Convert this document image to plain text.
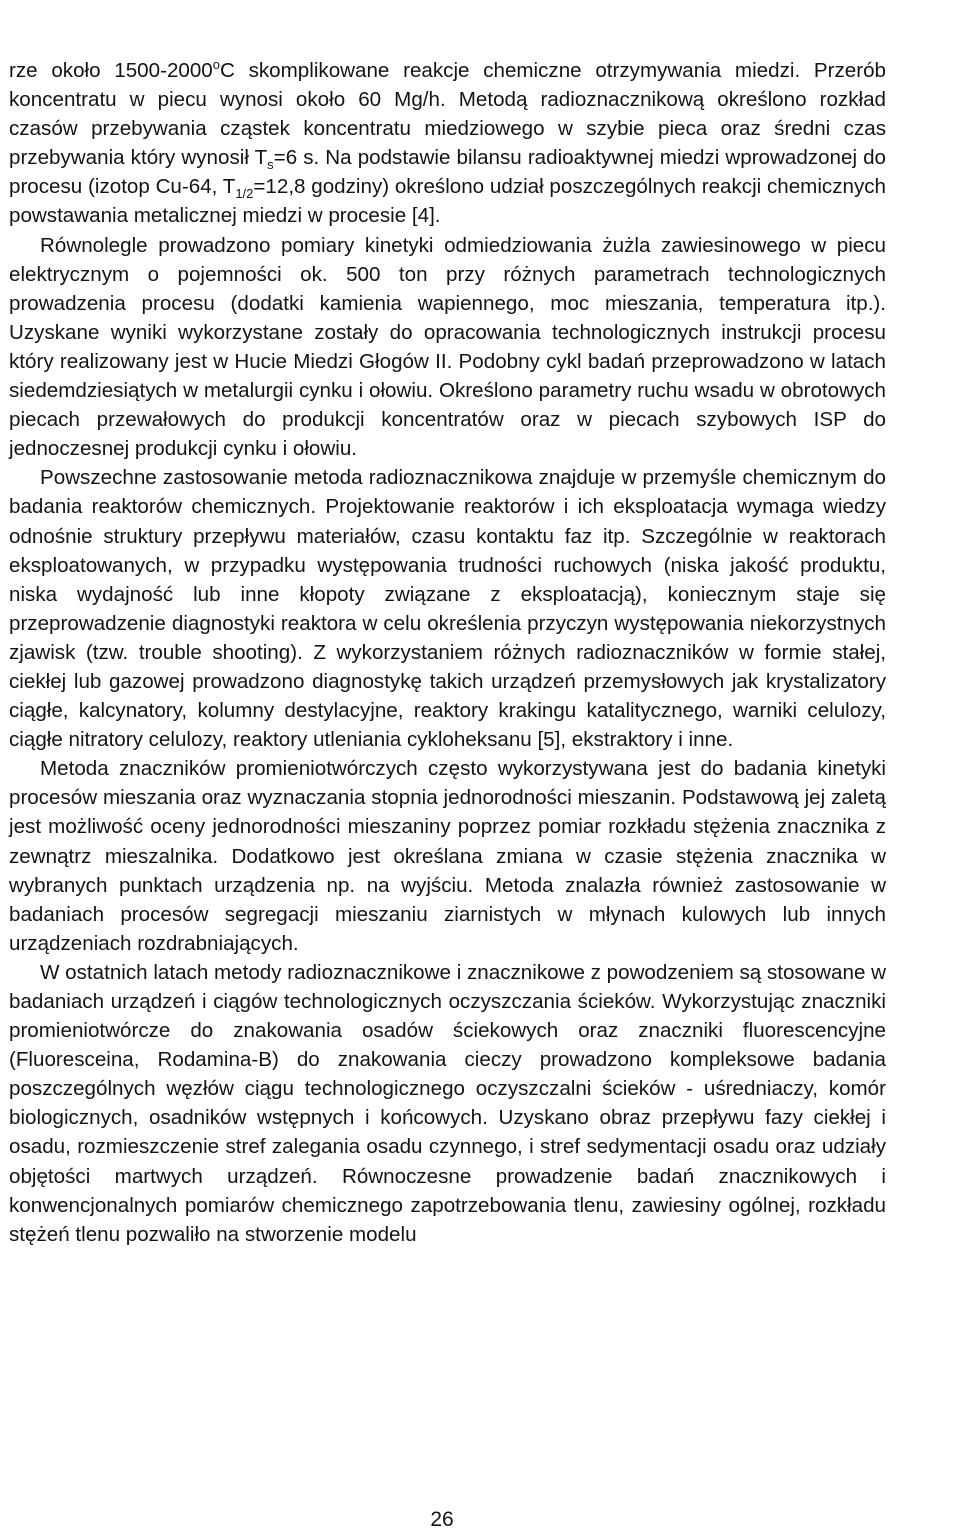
rze około 1500-2000$^o$C skomplikowane reakcje chemiczne otrzymywania miedzi. Przerób koncentratu w piecu wynosi około 60 Mg/h. Metodą radioznacznikową określono rozkład czasów przebywania cząstek koncentratu miedziowego w szybie pieca oraz średni czas przebywania który wynosił $T_s=6$ s. Na podstawie bilansu radioaktywnej miedzi wprowadzonej do procesu (izotop Cu-64, $T_{1/2}=12,8$ godziny) określono udział poszczególnych reakcji chemicznych powstawania metalicznej miedzi w procesie [4].

Równolegle prowadzono pomiary kinetyki odmiedziowania żużla zawiesinowego w piecu elektrycznym o pojemności ok. 500 ton przy różnych parametrach technologicznych prowadzenia procesu (dodatki kamienia wapiennego, moc mieszania, temperatura itp.). Uzyskane wyniki wykorzystane zostały do opracowania technologicznych instrukcji procesu który realizowany jest w Hucie Miedzi Głogów II. Podobny cykl badań przeprowadzono w latach siedemdziesiątych w metalurgii cynku i ołowiu. Określono parametry ruchu wsadu w obrotowych piecach przewałowych do produkcji koncentratów oraz w piecach szybowych ISP do jednoczesnej produkcji cynku i ołowiu.

Powszechne zastosowanie metoda radioznacznikowa znajduje w przemyśle chemicznym do badania reaktorów chemicznych. Projektowanie reaktorów i ich eksploatacja wymaga wiedzy odnośnie struktury przepływu materiałów, czasu kontaktu faz itp. Szczególnie w reaktorach eksploatowanych, w przypadku występowania trudności ruchowych (niska jakość produktu, niska wydajność lub inne kłopoty związane z eksploatacją), koniecznym staje się przeprowadzenie diagnostyki reaktora w celu określenia przyczyn występowania niekorzystnych zjawisk (tzw. trouble shooting). Z wykorzystaniem różnych radioznaczników w formie stałej, ciekłej lub gazowej prowadzono diagnostykę takich urządzeń przemysłowych jak krystalizatory ciągłe, kalcynatory, kolumny destylacyjne, reaktory krakingu katalitycznego, warniki celulozy, ciągłe nitratory celulozy, reaktory utleniania cykloheksanu [5], ekstraktory i inne.

Metoda znaczników promieniotwórczych często wykorzystywana jest do badania kinetyki procesów mieszania oraz wyznaczania stopnia jednorodności mieszanin. Podstawową jej zaletą jest możliwość oceny jednorodności mieszaniny poprzez pomiar rozkładu stężenia znacznika z zewnątrz mieszalnika. Dodatkowo jest określana zmiana w czasie stężenia znacznika w wybranych punktach urządzenia np. na wyjściu. Metoda znalazła również zastosowanie w badaniach procesów segregacji mieszaniu ziarnistych w młynach kulowych lub innych urządzeniach rozdrabniających.

W ostatnich latach metody radioznacznikowe i znacznikowe z powodzeniem są stosowane w badaniach urządzeń i ciągów technologicznych oczyszczania ścieków. Wykorzystując znaczniki promieniotwórcze do znakowania osadów ściekowych oraz znaczniki fluorescencyjne (Fluoresceina, Rodamina-B) do znakowania cieczy prowadzono kompleksowe badania poszczególnych węzłów ciągu technologicznego oczyszczalni ścieków - uśredniaczy, komór biologicznych, osadników wstępnych i końcowych. Uzyskano obraz przepływu fazy ciekłej i osadu, rozmieszczenie stref zalegania osadu czynnego, i stref sedymentacji osadu oraz udziały objętości martwych urządzeń. Równoczesne prowadzenie badań znacznikowych i konwencjonalnych pomiarów chemicznego zapotrzebowania tlenu, zawiesiny ogólnej, rozkładu stężeń tlenu pozwaliło na stworzenie modelu

26
